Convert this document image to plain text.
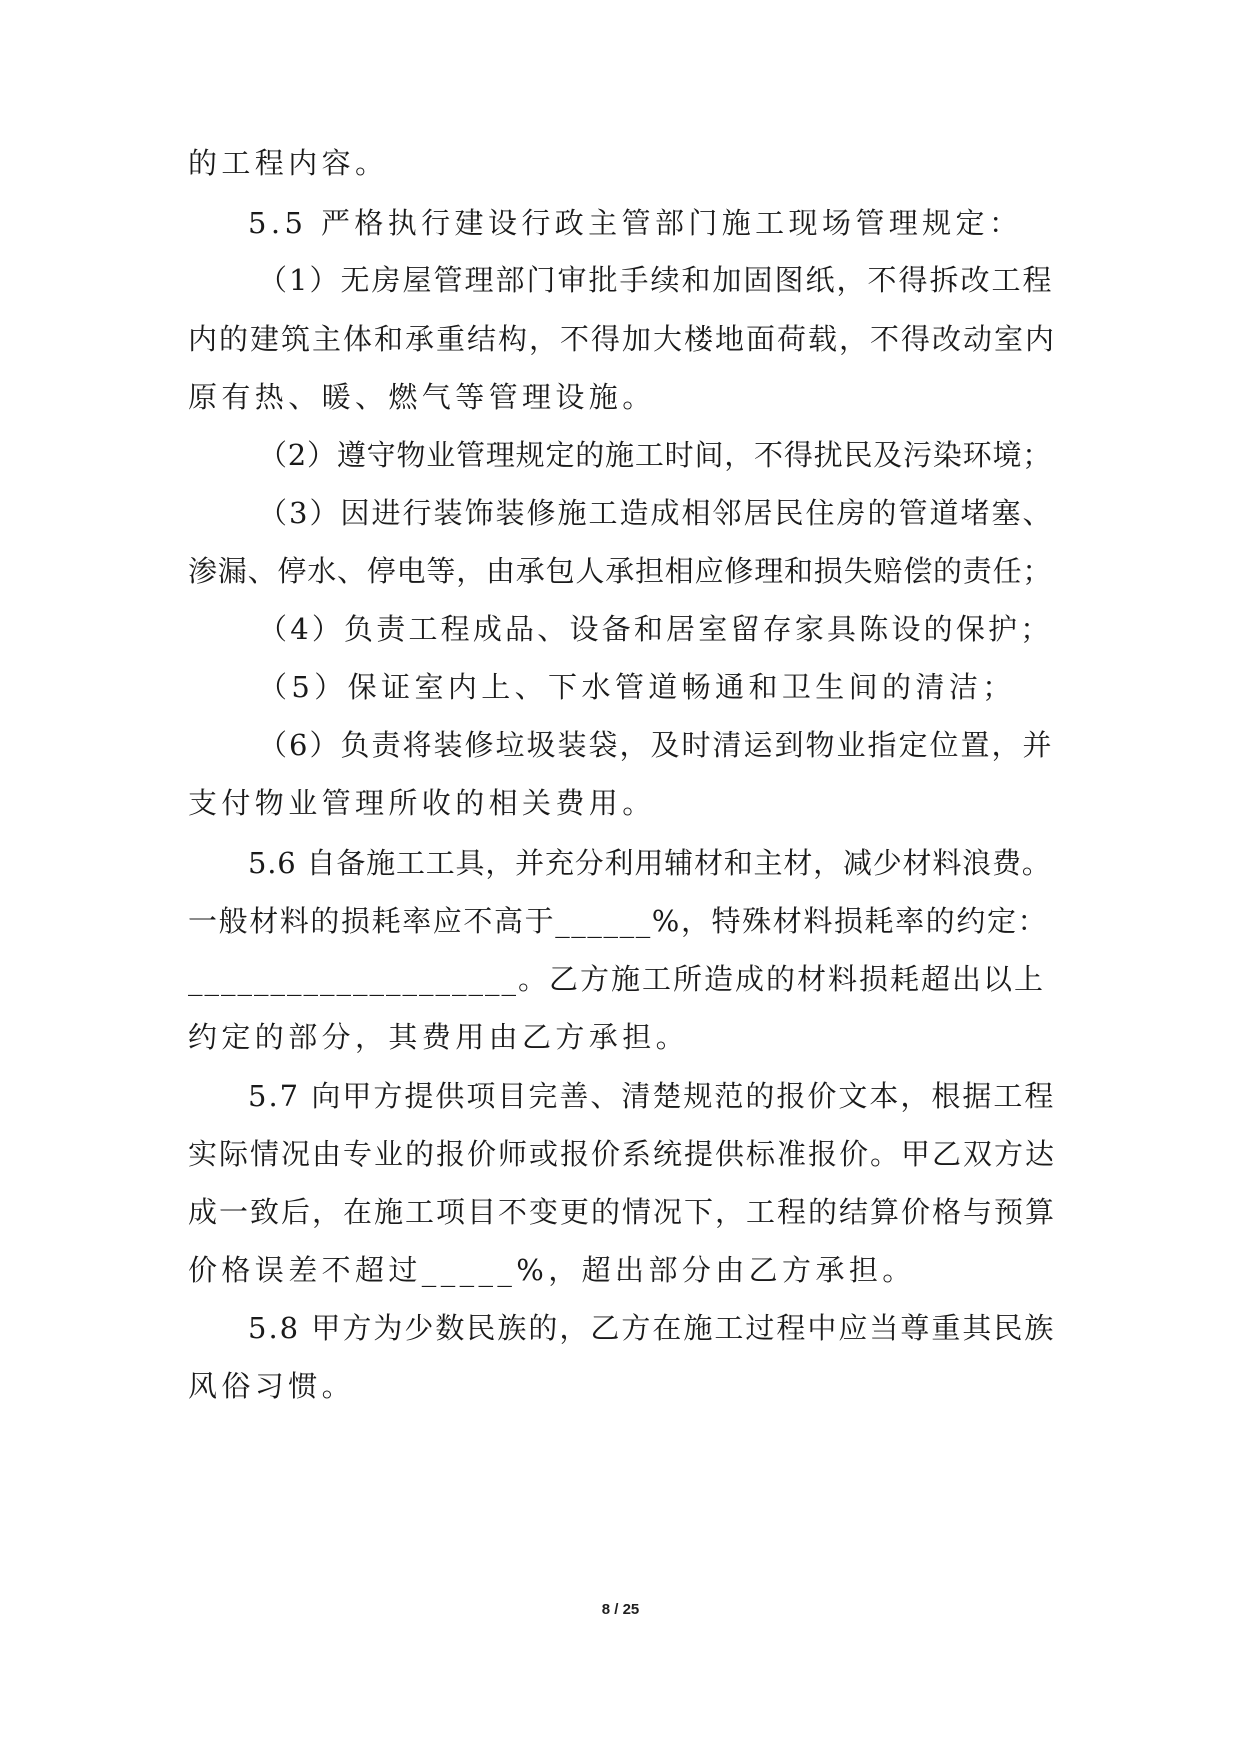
的工程内容。
5.5 严格执行建设行政主管部门施工现场管理规定：
（1）无房屋管理部门审批手续和加固图纸，不得拆改工程
内的建筑主体和承重结构，不得加大楼地面荷载，不得改动室内
原有热、暖、燃气等管理设施。
（2）遵守物业管理规定的施工时间，不得扰民及污染环境；
（3）因进行装饰装修施工造成相邻居民住房的管道堵塞、
渗漏、停水、停电等，由承包人承担相应修理和损失赔偿的责任；
（4）负责工程成品、设备和居室留存家具陈设的保护；
（5）保证室内上、下水管道畅通和卫生间的清洁；
（6）负责将装修垃圾装袋，及时清运到物业指定位置，并
支付物业管理所收的相关费用。
5.6 自备施工工具，并充分利用辅材和主材，减少材料浪费。
一般材料的损耗率应不高于______%，特殊材料损耗率的约定：
____________________。乙方施工所造成的材料损耗超出以上
约定的部分，其费用由乙方承担。
5.7 向甲方提供项目完善、清楚规范的报价文本，根据工程
实际情况由专业的报价师或报价系统提供标准报价。甲乙双方达
成一致后，在施工项目不变更的情况下，工程的结算价格与预算
价格误差不超过_____%，超出部分由乙方承担。
5.8 甲方为少数民族的，乙方在施工过程中应当尊重其民族
风俗习惯。
8 / 25
